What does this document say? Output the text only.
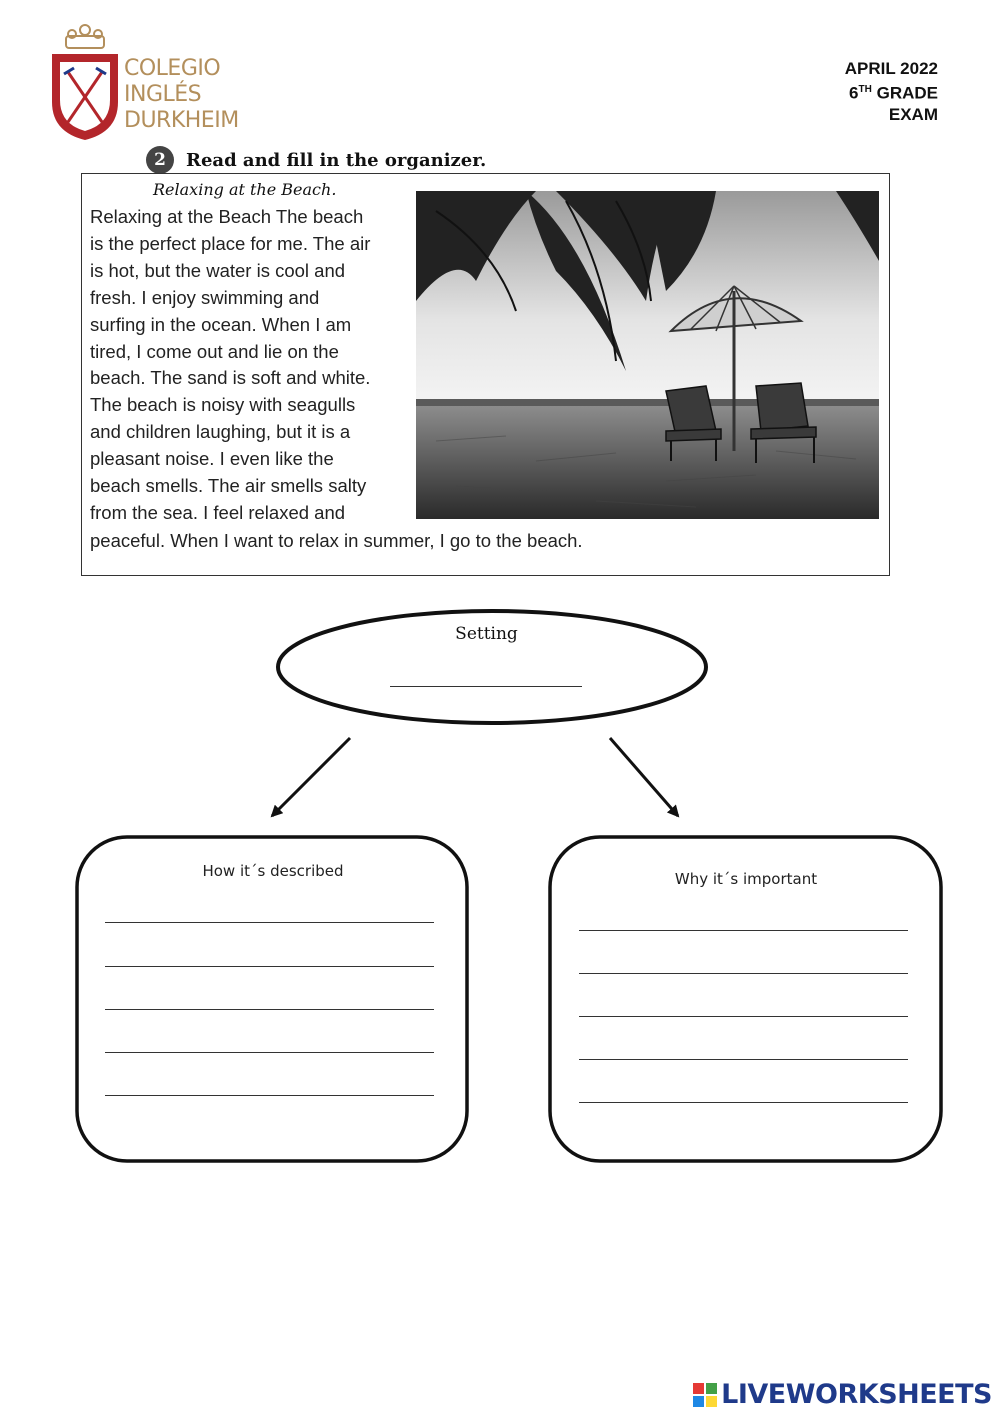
COLEGIO
INGLÉS
DURKHEIM
APRIL 2022
6TH GRADE
EXAM
2	Read and fill in the organizer.
Relaxing at the Beach.
Relaxing at the Beach The beach
is the perfect place for me. The air
is hot, but the water is cool and
fresh. I enjoy swimming and
surfing in the ocean. When I am
tired, I come out and lie on the
beach. The sand is soft and white.
The beach is noisy with seagulls
and children laughing, but it is a
pleasant noise. I even like the
beach smells. The air smells salty
from the sea. I feel relaxed and
peaceful. When I want to relax in summer, I go to the beach.
Setting
How it´s described	Why it´s important
LIVEWORKSHEETS
